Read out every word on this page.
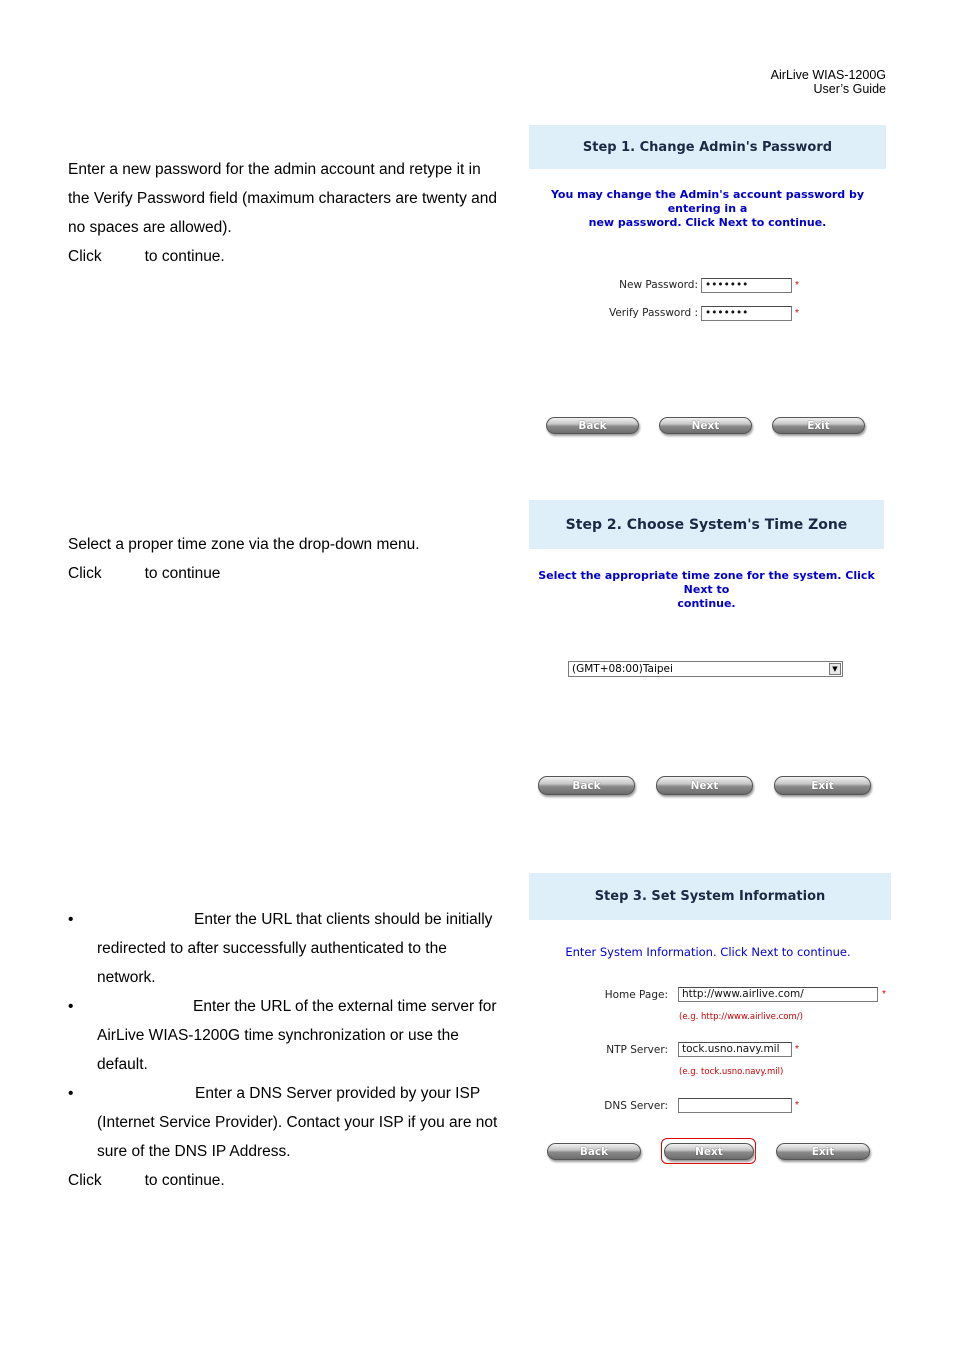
AirLive WIAS-1200G
User’s Guide

Enter a new password for the admin account and retype it in

the Verify Password field (maximum characters are twenty and

no spaces are allowed).

Click	to continue.

Step 1. Change Admin's Password
You may change the Admin's account password by entering in a
new password. Click Next to continue.
New Password: •••••••	*
Verify Password : •••••••	*
Back	Next	Exit

Select a proper time zone via the drop-down menu.

Click	to continue

Step 2. Choose System's Time Zone
Select the appropriate time zone for the system. Click Next to
continue.
(GMT+08:00)Taipei	▼
Back	Next	Exit
•	Enter the URL that clients should be initially
redirected to after successfully authenticated to the
network.
•	Enter the URL of the external time server for
AirLive WIAS-1200G time synchronization or use the
default.
•	Enter a DNS Server provided by your ISP
(Internet Service Provider). Contact your ISP if you are not
sure of the DNS IP Address.
Click	to continue.
Step 3. Set System Information
Enter System Information. Click Next to continue.
Home Page:	http://www.airlive.com/	*
(e.g. http://www.airlive.com/)
NTP Server:	tock.usno.navy.mil	*
(e.g. tock.usno.navy.mil)
DNS Server:	*
Back	Next	Exit
